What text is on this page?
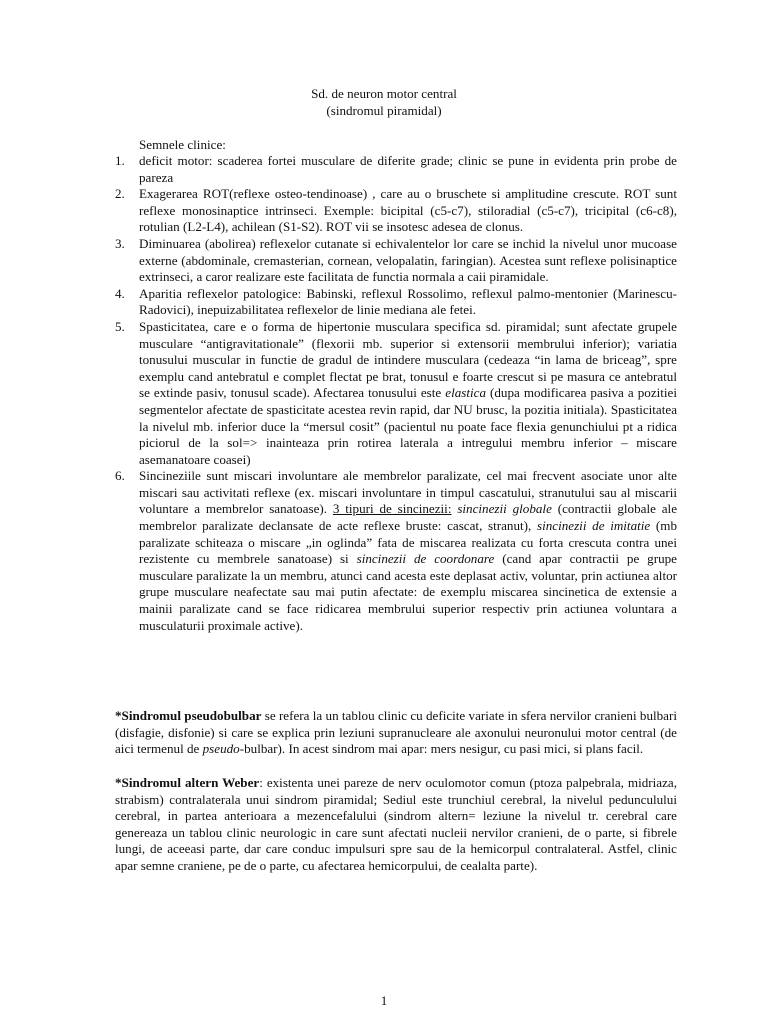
Sd. de neuron motor central
(sindromul piramidal)
Semnele clinice:
1. deficit motor: scaderea fortei musculare de diferite grade; clinic se pune in evidenta prin probe de pareza
2. Exagerarea ROT(reflexe osteo-tendinoase) , care au o bruschete si amplitudine crescute. ROT sunt reflexe monosinaptice intrinseci. Exemple: bicipital (c5-c7), stiloradial (c5-c7), tricipital (c6-c8), rotulian (L2-L4), achilean (S1-S2). ROT vii se insotesc adesea de clonus.
3. Diminuarea (abolirea) reflexelor cutanate si echivalentelor lor care se inchid la nivelul unor mucoase externe (abdominale, cremasterian, cornean, velopalatin, faringian). Acestea sunt reflexe polisinaptice extrinseci, a caror realizare este facilitata de functia normala a caii piramidale.
4. Aparitia reflexelor patologice: Babinski, reflexul Rossolimo, reflexul palmo-mentonier (Marinescu-Radovici), inepuizabilitatea reflexelor de linie mediana ale fetei.
5. Spasticitatea, care e o forma de hipertonie musculara specifica sd. piramidal; sunt afectate grupele musculare “antigravitationale” (flexorii mb. superior si extensorii membrului inferior); variatia tonusului muscular in functie de gradul de intindere musculara (cedeaza “in lama de briceag”, spre exemplu cand antebratul e complet flectat pe brat, tonusul e foarte crescut si pe masura ce antebratul se extinde pasiv, tonusul scade). Afectarea tonusului este elastica (dupa modificarea pasiva a pozitiei segmentelor afectate de spasticitate acestea revin rapid, dar NU brusc, la pozitia initiala). Spasticitatea la nivelul mb. inferior duce la “mersul cosit” (pacientul nu poate face flexia genunchiului pt a ridica piciorul de la sol=> inainteaza prin rotirea laterala a intregului membru inferior – miscare asemanatoare coasei)
6. Sincineziile sunt miscari involuntare ale membrelor paralizate, cel mai frecvent asociate unor alte miscari sau activitati reflexe (ex. miscari involuntare in timpul cascatului, stranutului sau al miscarii voluntare a membrelor sanatoase). 3 tipuri de sincinezii: sincinezii globale (contractii globale ale membrelor paralizate declansate de acte reflexe bruste: cascat, stranut), sincinezii de imitatie (mb paralizate schiteaza o miscare „in oglinda” fata de miscarea realizata cu forta crescuta contra unei rezistente cu membrele sanatoase) si sincinezii de coordonare (cand apar contractii pe grupe musculare paralizate la un membru, atunci cand acesta este deplasat activ, voluntar, prin actiunea altor grupe musculare neafectate sau mai putin afectate: de exemplu miscarea sincinetica de extensie a mainii paralizate cand se face ridicarea membrului superior respectiv prin actiunea voluntara a musculaturii proximale active).
*Sindromul pseudobulbar se refera la un tablou clinic cu deficite variate in sfera nervilor cranieni bulbari (disfagie, disfonie) si care se explica prin leziuni supranucleare ale axonului neuronului motor central (de aici termenul de pseudo-bulbar). In acest sindrom mai apar: mers nesigur, cu pasi mici, si plans facil.
*Sindromul altern Weber: existenta unei pareze de nerv oculomotor comun (ptoza palpebrala, midriaza, strabism) contralaterala unui sindrom piramidal; Sediul este trunchiul cerebral, la nivelul pedunculului cerebral, in partea anterioara a mezencefalului (sindrom altern= leziune la nivelul tr. cerebral care genereaza un tablou clinic neurologic in care sunt afectati nucleii nervilor cranieni, de o parte, si fibrele lungi, de aceeasi parte, dar care conduc impulsuri spre sau de la hemicorpul contralateral. Astfel, clinic apar semne craniene, pe de o parte, cu afectarea hemicorpului, de cealalta parte).
1
